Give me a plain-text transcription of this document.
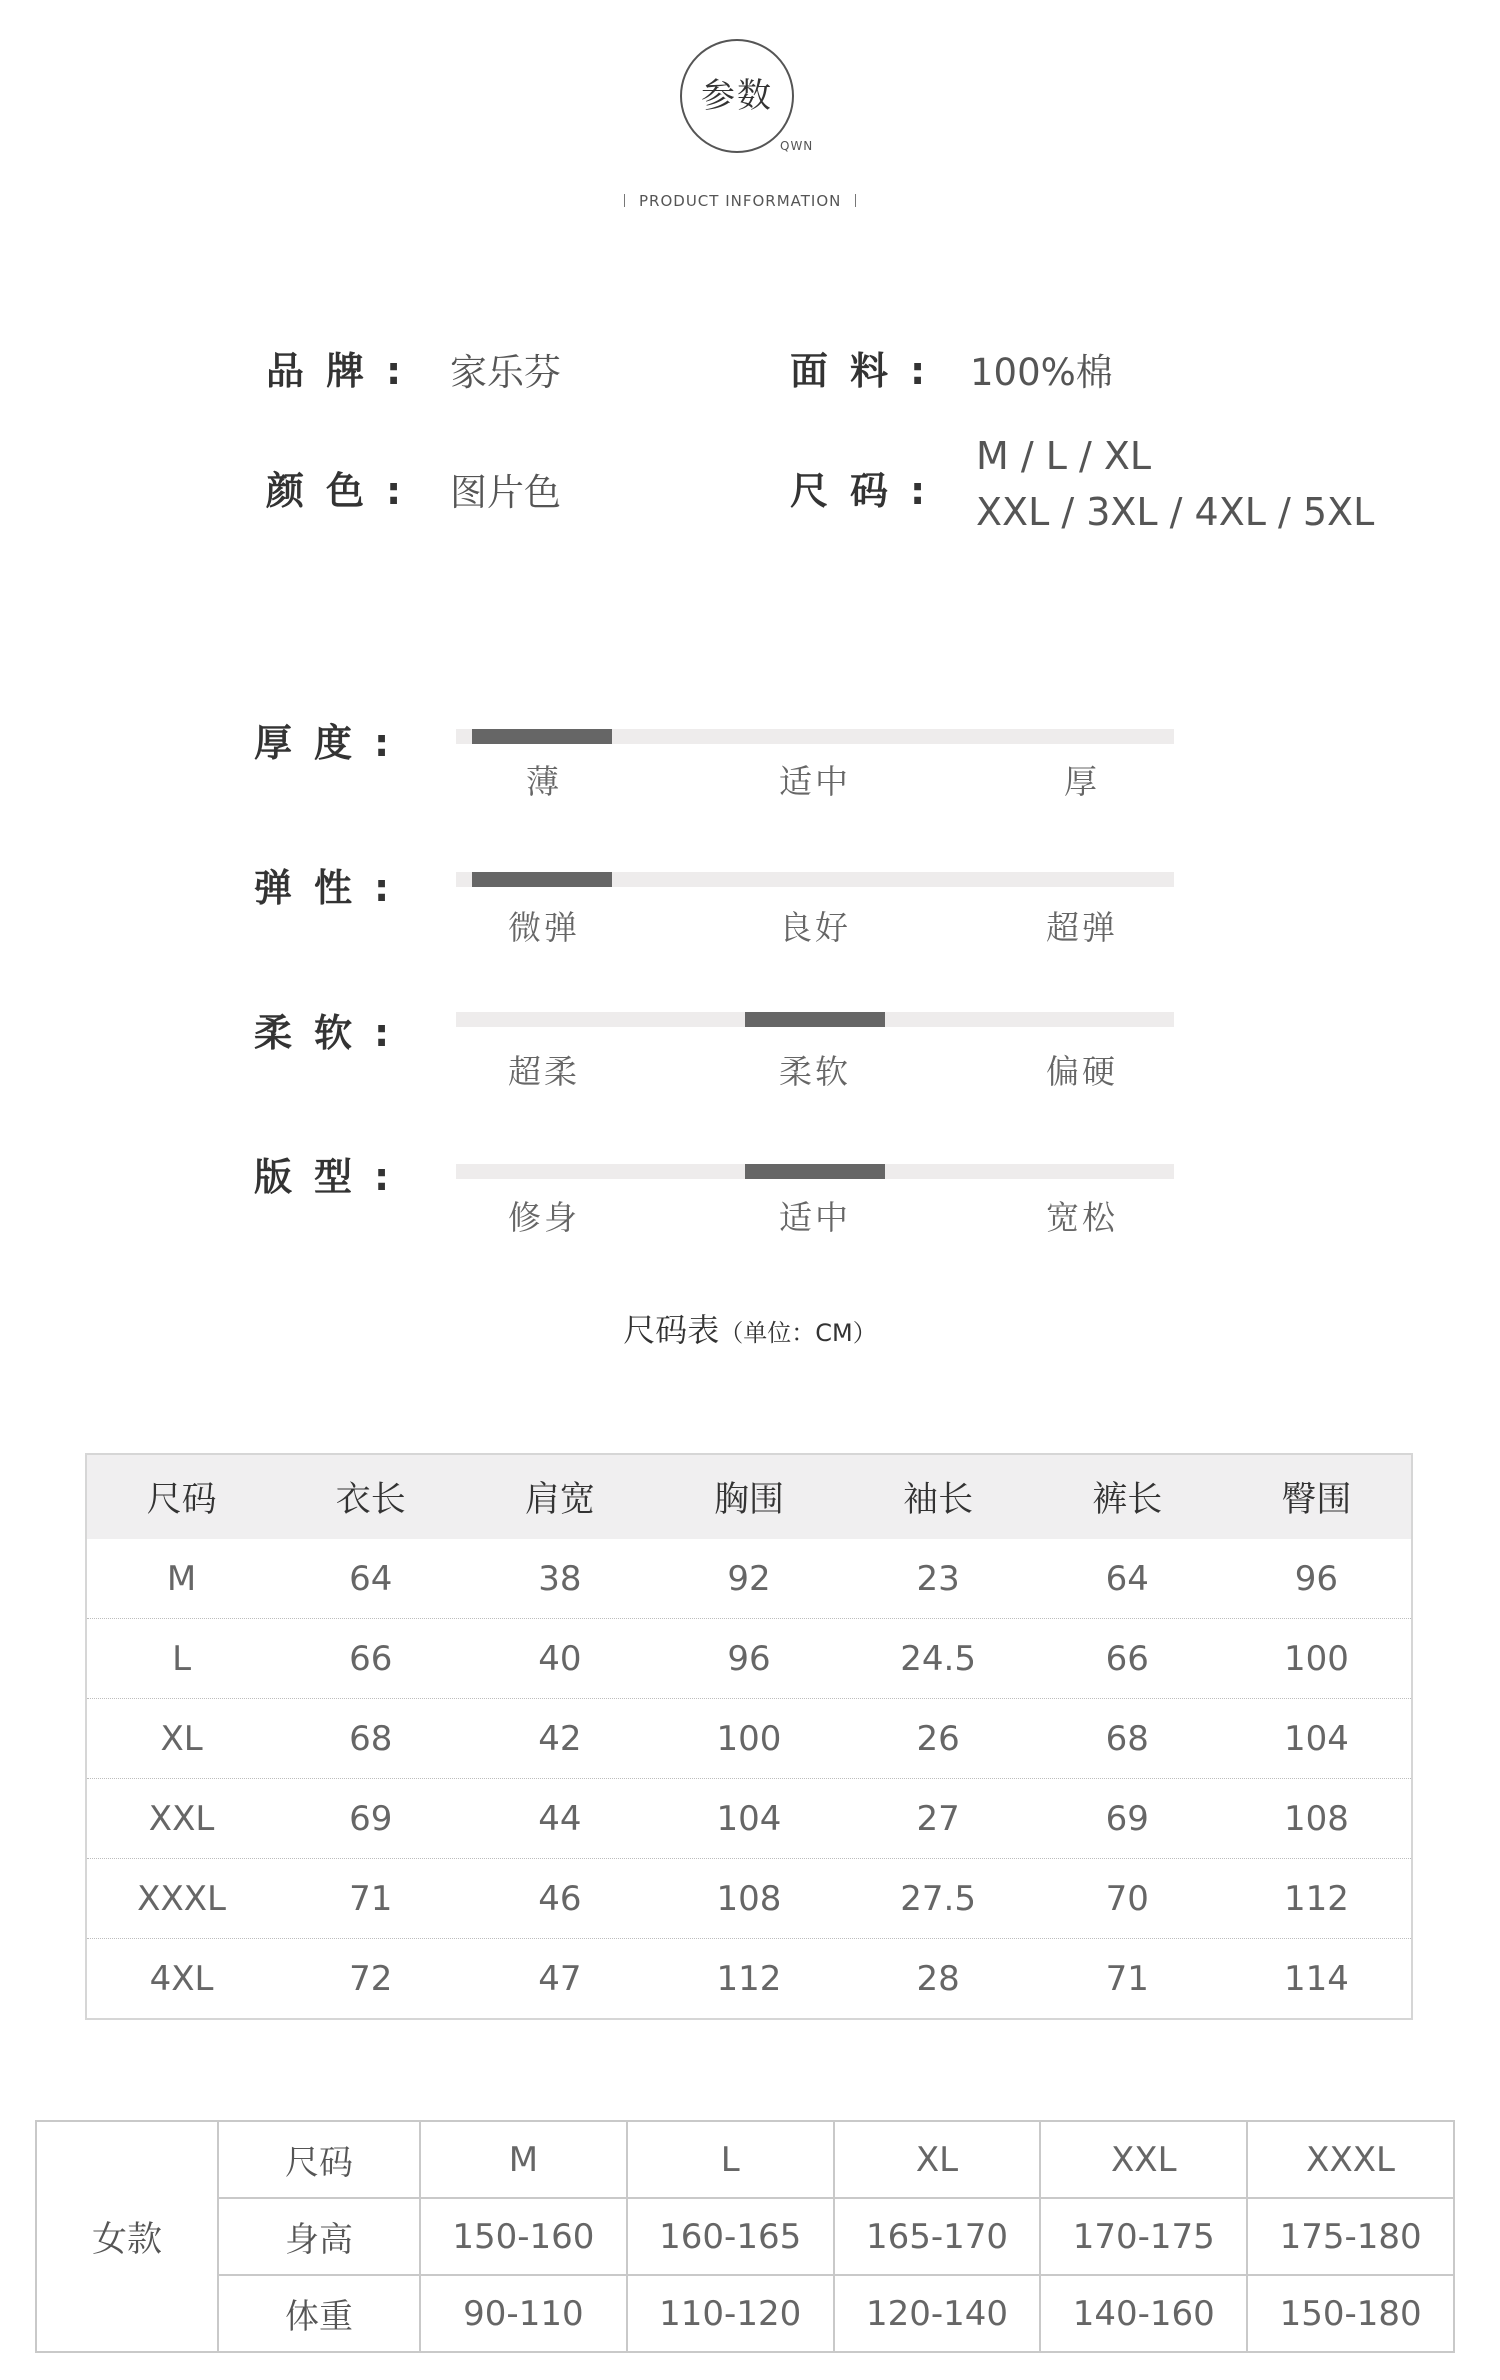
参数
QWN
PRODUCT INFORMATION
品牌: 家乐芬	面料: 100%棉
颜色: 图片色	尺码:
M / L / XL
XXL / 3XL / 4XL / 5XL
厚度:
薄	适中	厚
弹性:
微弹	良好	超弹
柔软:
超柔	柔软	偏硬
版型:
修身	适中	宽松
尺码表（单位：CM）
尺码	衣长	肩宽	胸围	袖长	裤长	臀围
M	64	38	92	23	64	96
L	66	40	96	24.5	66	100
XL	68	42	100	26	68	104
XXL	69	44	104	27	69	108
XXXL	71	46	108	27.5	70	112
4XL	72	47	112	28	71	114
女款	尺码	M	L	XL	XXL	XXXL
	身高	150-160	160-165	165-170	170-175	175-180
	体重	90-110	110-120	120-140	140-160	150-180
